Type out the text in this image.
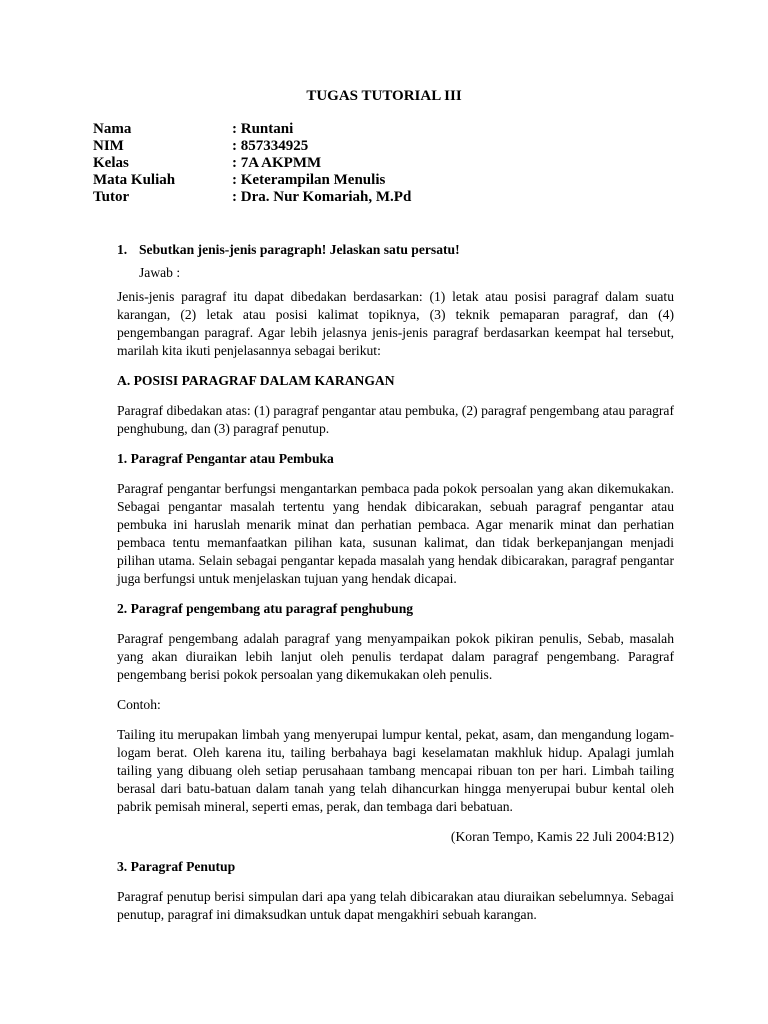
TUGAS TUTORIAL III
Nama	: Runtani
NIM	: 857334925
Kelas	: 7A AKPMM
Mata Kuliah	: Keterampilan Menulis
Tutor	: Dra. Nur Komariah, M.Pd
1. Sebutkan jenis-jenis paragraph! Jelaskan satu persatu!
Jawab :

Jenis-jenis paragraf itu dapat dibedakan berdasarkan: (1) letak atau posisi paragraf dalam suatu karangan, (2) letak atau posisi kalimat topiknya, (3) teknik pemaparan paragraf, dan (4) pengembangan paragraf. Agar lebih jelasnya jenis-jenis paragraf berdasarkan keempat hal tersebut, marilah kita ikuti penjelasannya sebagai berikut:

A. POSISI PARAGRAF DALAM KARANGAN

Paragraf dibedakan atas: (1) paragraf pengantar atau pembuka, (2) paragraf pengembang atau paragraf penghubung, dan (3) paragraf penutup.

1. Paragraf Pengantar atau Pembuka

Paragraf pengantar berfungsi mengantarkan pembaca pada pokok persoalan yang akan dikemukakan. Sebagai pengantar masalah tertentu yang hendak dibicarakan, sebuah paragraf pengantar atau pembuka ini haruslah menarik minat dan perhatian pembaca. Agar menarik minat dan perhatian pembaca tentu memanfaatkan pilihan kata, susunan kalimat, dan tidak berkepanjangan menjadi pilihan utama. Selain sebagai pengantar kepada masalah yang hendak dibicarakan, paragraf pengantar juga berfungsi untuk menjelaskan tujuan yang hendak dicapai.

2. Paragraf pengembang atu paragraf penghubung

Paragraf pengembang adalah paragraf yang menyampaikan pokok pikiran penulis, Sebab, masalah yang akan diuraikan lebih lanjut oleh penulis terdapat dalam paragraf pengembang. Paragraf pengembang berisi pokok persoalan yang dikemukakan oleh penulis.

Contoh:

Tailing itu merupakan limbah yang menyerupai lumpur kental, pekat, asam, dan mengandung logam-logam berat. Oleh karena itu, tailing berbahaya bagi keselamatan makhluk hidup. Apalagi jumlah tailing yang dibuang oleh setiap perusahaan tambang mencapai ribuan ton per hari. Limbah tailing berasal dari batu-batuan dalam tanah yang telah dihancurkan hingga menyerupai bubur kental oleh pabrik pemisah mineral, seperti emas, perak, dan tembaga dari bebatuan.

(Koran Tempo, Kamis 22 Juli 2004:B12)

3. Paragraf Penutup

Paragraf penutup berisi simpulan dari apa yang telah dibicarakan atau diuraikan sebelumnya. Sebagai penutup, paragraf ini dimaksudkan untuk dapat mengakhiri sebuah karangan.
